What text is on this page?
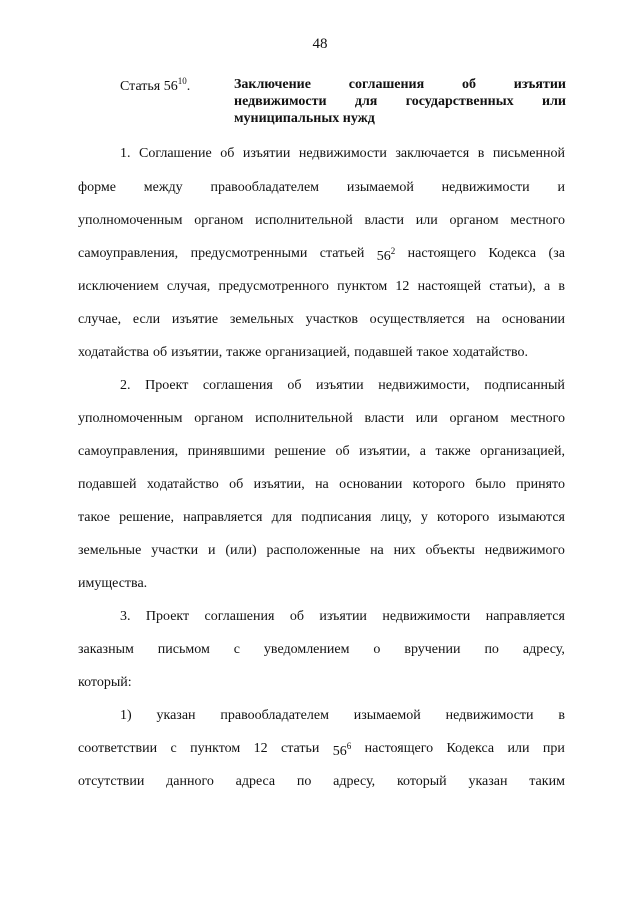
48
Статья $56^{10}$.	Заключение соглашения об изъятии
недвижимости для государственных или
муниципальных нужд
1. Соглашение об изъятии недвижимости заключается в письменной
форме между правообладателем изымаемой недвижимости и
уполномоченным органом исполнительной власти или органом местного
самоуправления, предусмотренными статьей $56^2$ настоящего Кодекса (за
исключением случая, предусмотренного пунктом 12 настоящей статьи), а в
случае, если изъятие земельных участков осуществляется на основании
ходатайства об изъятии, также организацией, подавшей такое ходатайство.
2. Проект соглашения об изъятии недвижимости, подписанный
уполномоченным органом исполнительной власти или органом местного
самоуправления, принявшими решение об изъятии, а также организацией,
подавшей ходатайство об изъятии, на основании которого было принято
такое решение, направляется для подписания лицу, у которого изымаются
земельные участки и (или) расположенные на них объекты недвижимого
имущества.
3. Проект соглашения об изъятии недвижимости направляется
заказным письмом с уведомлением о вручении по адресу,
который:
1) указан правообладателем изымаемой недвижимости в
соответствии с пунктом 12 статьи $56^6$ настоящего Кодекса или при
отсутствии данного адреса по адресу, который указан таким
